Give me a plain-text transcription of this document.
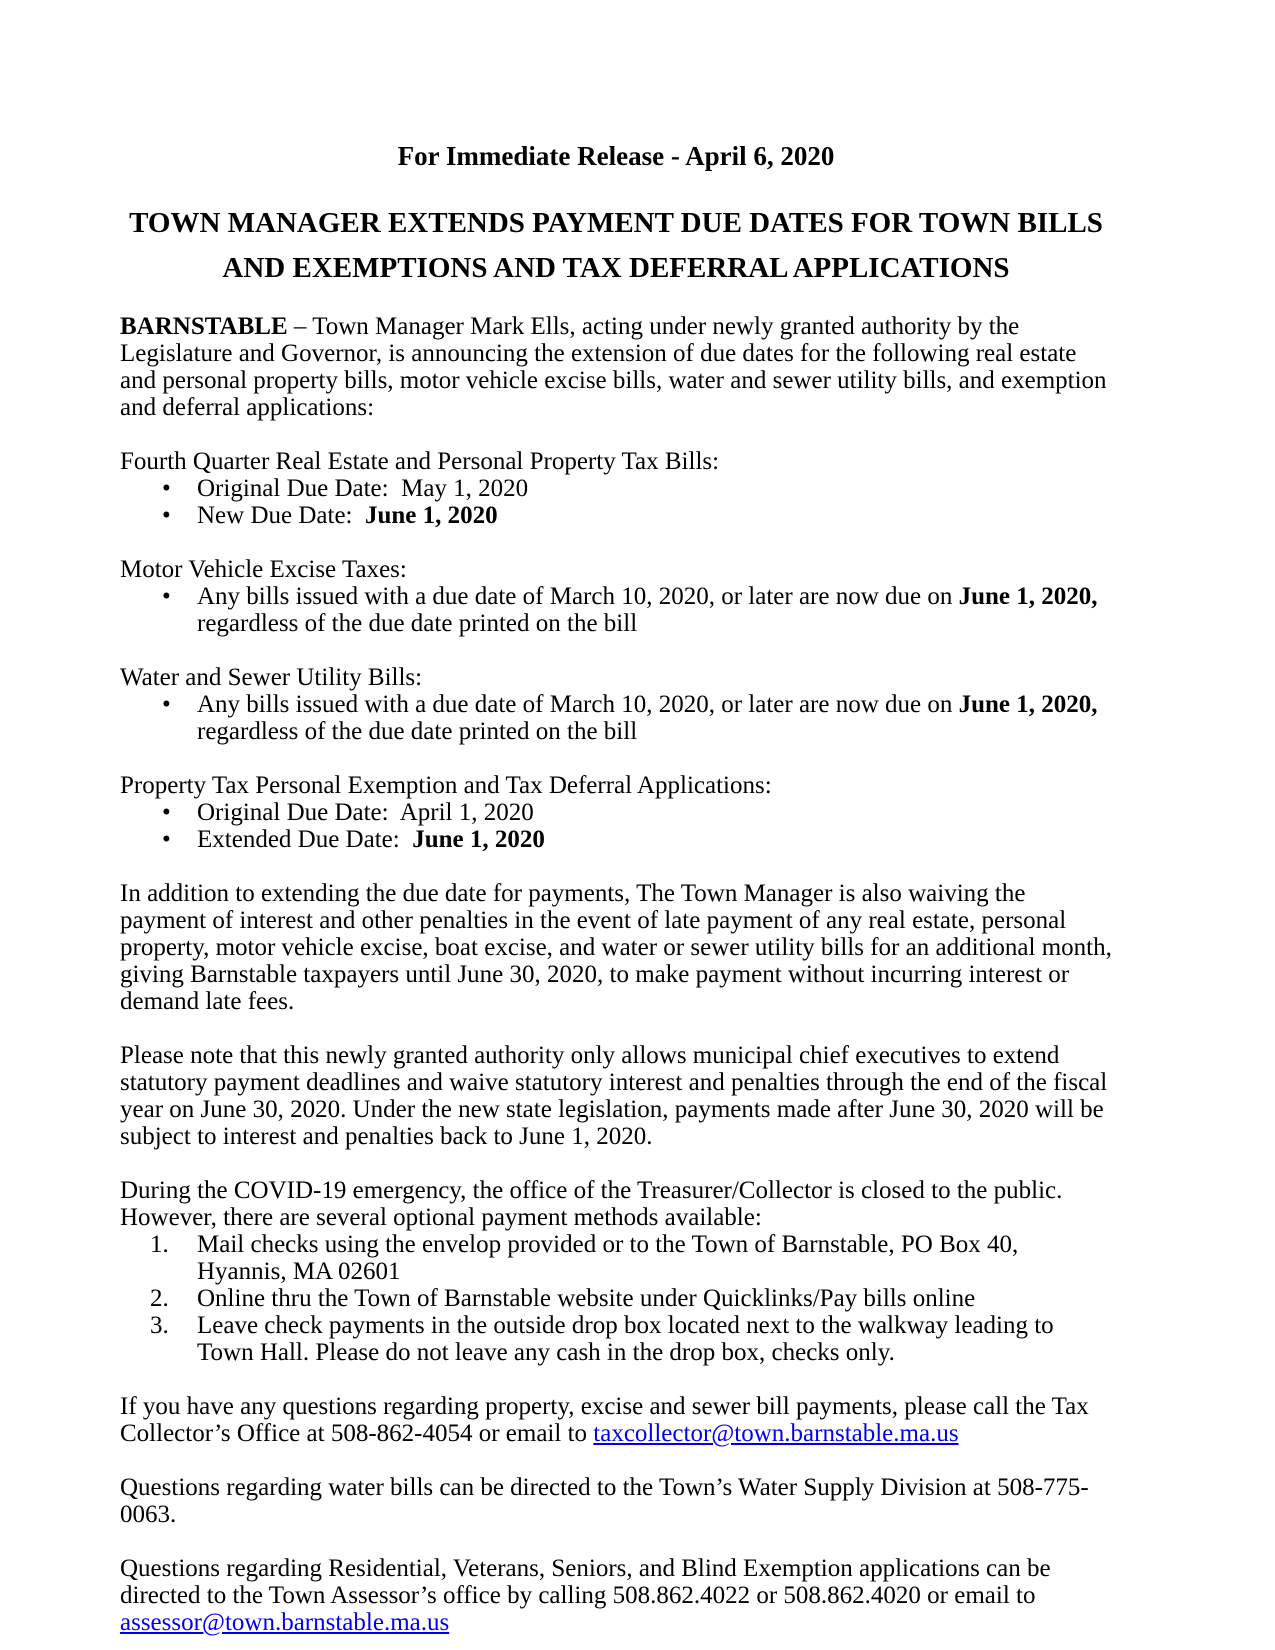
For Immediate Release - April 6, 2020

TOWN MANAGER EXTENDS PAYMENT DUE DATES FOR TOWN BILLS
AND EXEMPTIONS AND TAX DEFERRAL APPLICATIONS

BARNSTABLE – Town Manager Mark Ells, acting under newly granted authority by the Legislature and Governor, is announcing the extension of due dates for the following real estate and personal property bills, motor vehicle excise bills, water and sewer utility bills, and exemption and deferral applications:

Fourth Quarter Real Estate and Personal Property Tax Bills:

•	Original Due Date:  May 1, 2020
•	New Due Date:  June 1, 2020

Motor Vehicle Excise Taxes:

•	Any bills issued with a due date of March 10, 2020, or later are now due on June 1, 2020, regardless of the due date printed on the bill

Water and Sewer Utility Bills:

•	Any bills issued with a due date of March 10, 2020, or later are now due on June 1, 2020, regardless of the due date printed on the bill

Property Tax Personal Exemption and Tax Deferral Applications:

•	Original Due Date:  April 1, 2020
•	Extended Due Date:  June 1, 2020

In addition to extending the due date for payments, The Town Manager is also waiving the payment of interest and other penalties in the event of late payment of any real estate, personal property, motor vehicle excise, boat excise, and water or sewer utility bills for an additional month, giving Barnstable taxpayers until June 30, 2020, to make payment without incurring interest or demand late fees.

Please note that this newly granted authority only allows municipal chief executives to extend statutory payment deadlines and waive statutory interest and penalties through the end of the fiscal year on June 30, 2020. Under the new state legislation, payments made after June 30, 2020 will be subject to interest and penalties back to June 1, 2020.

During the COVID-19 emergency, the office of the Treasurer/Collector is closed to the public. However, there are several optional payment methods available:

1.	Mail checks using the envelop provided or to the Town of Barnstable, PO Box 40, Hyannis, MA 02601
2.	Online thru the Town of Barnstable website under Quicklinks/Pay bills online
3.	Leave check payments in the outside drop box located next to the walkway leading to Town Hall. Please do not leave any cash in the drop box, checks only.

If you have any questions regarding property, excise and sewer bill payments, please call the Tax Collector’s Office at 508-862-4054 or email to taxcollector@town.barnstable.ma.us

Questions regarding water bills can be directed to the Town’s Water Supply Division at 508-775-0063.

Questions regarding Residential, Veterans, Seniors, and Blind Exemption applications can be directed to the Town Assessor’s office by calling 508.862.4022 or 508.862.4020 or email to assessor@town.barnstable.ma.us
